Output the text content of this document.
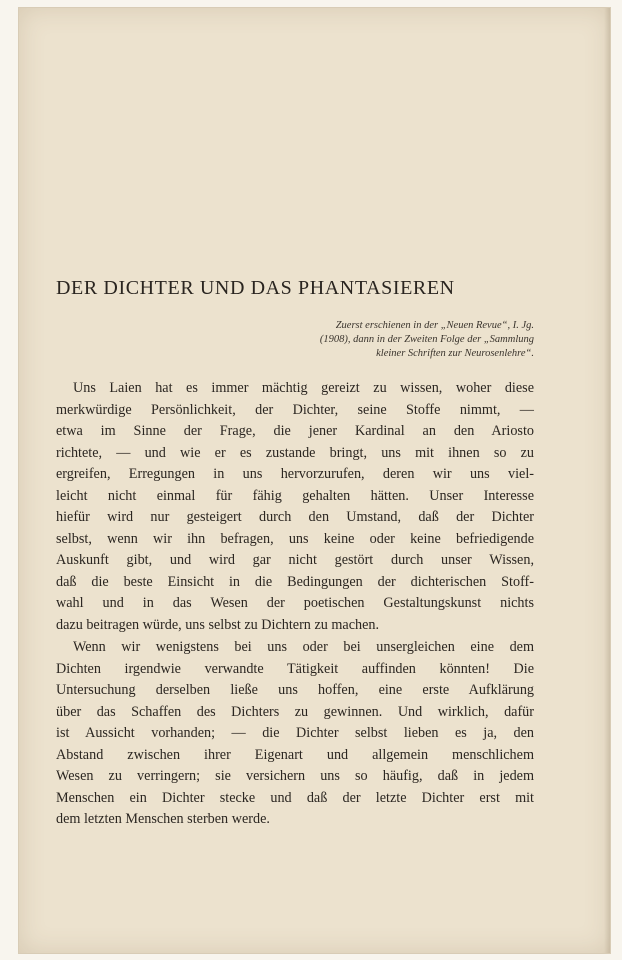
DER DICHTER UND DAS PHANTASIEREN
Zuerst erschienen in der „Neuen Revue“, I. Jg.
(1908), dann in der Zweiten Folge der „Sammlung
kleiner Schriften zur Neurosenlehre“.
Uns Laien hat es immer mächtig gereizt zu wissen, woher diese
merkwürdige Persönlichkeit, der Dichter, seine Stoffe nimmt, —
etwa im Sinne der Frage, die jener Kardinal an den Ariosto
richtete, — und wie er es zustande bringt, uns mit ihnen so zu
ergreifen, Erregungen in uns hervorzurufen, deren wir uns viel-
leicht nicht einmal für fähig gehalten hätten. Unser Interesse
hiefür wird nur gesteigert durch den Umstand, daß der Dichter
selbst, wenn wir ihn befragen, uns keine oder keine befriedigende
Auskunft gibt, und wird gar nicht gestört durch unser Wissen,
daß die beste Einsicht in die Bedingungen der dichterischen Stoff-
wahl und in das Wesen der poetischen Gestaltungskunst nichts
dazu beitragen würde, uns selbst zu Dichtern zu machen.
Wenn wir wenigstens bei uns oder bei unsergleichen eine dem
Dichten irgendwie verwandte Tätigkeit auffinden könnten! Die
Untersuchung derselben ließe uns hoffen, eine erste Aufklärung
über das Schaffen des Dichters zu gewinnen. Und wirklich, dafür
ist Aussicht vorhanden; — die Dichter selbst lieben es ja, den
Abstand zwischen ihrer Eigenart und allgemein menschlichem
Wesen zu verringern; sie versichern uns so häufig, daß in jedem
Menschen ein Dichter stecke und daß der letzte Dichter erst mit
dem letzten Menschen sterben werde.
